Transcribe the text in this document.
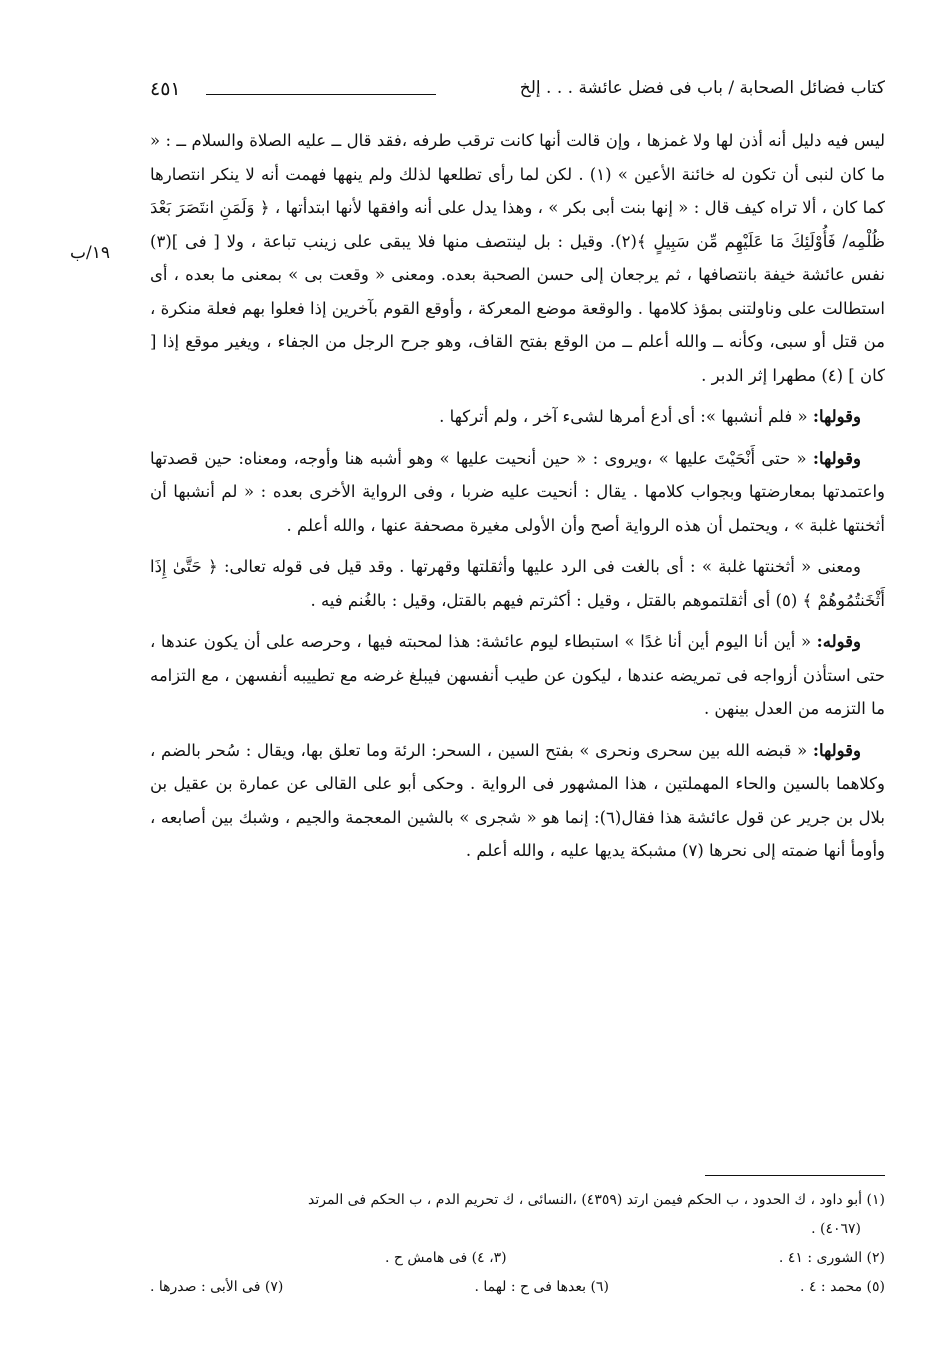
٤٥١	كتاب فضائل الصحابة / باب فى فضل عائشة . . . إلخ
١٩/ب

ليس فيه دليل أنه أذن لها ولا غمزها ، وإن قالت أنها كانت ترقب طرفه ،فقد قال ــ عليه الصلاة والسلام ــ : « ما كان لنبى أن تكون له خائنة الأعين » (١) . لكن لما رأى تطلعها لذلك ولم ينهها فهمت أنه لا ينكر انتصارها كما كان ، ألا تراه كيف قال : « إنها بنت أبى بكر » ، وهذا يدل على أنه وافقها لأنها ابتدأتها ، ﴿ وَلَمَنِ انتَصَرَ بَعْدَ ظُلْمِه/ فَأُوْلَئِكَ مَا عَلَيْهِم مِّن سَبِيلٍ ﴾(٢). وقيل : بل لينتصف منها فلا يبقى على زينب تباعة ، ولا [ فى ](٣) نفس عائشة خيفة بانتصافها ، ثم يرجعان إلى حسن الصحبة بعده. ومعنى « وقعت بى » بمعنى ما بعده ، أى استطالت على وناولتنى بمؤذ كلامها . والوقعة موضع المعركة ، وأوقع القوم بآخرين إذا فعلوا بهم فعلة منكرة ، من قتل أو سبى، وكأنه ــ والله أعلم ــ من الوقع بفتح القاف، وهو جرح الرجل من الجفاء ، ويغير موقع إذا [ كان ] (٤) مطهرا إثر الدبر .

وقولها: « فلم أنشبها »: أى أدع أمرها لشىء آخر ، ولم أتركها .

وقولها: « حتى أَنْحَيْتَ عليها » ،ويروى : « حين أنحيت عليها » وهو أشبه هنا وأوجه، ومعناه: حين قصدتها واعتمدتها بمعارضتها وبجواب كلامها . يقال : أنحيت عليه ضربا ، وفى الرواية الأخرى بعده : « لم أنشبها أن أثخنتها غلبة » ، ويحتمل أن هذه الرواية أصح وأن الأولى مغيرة مصحفة عنها ، والله أعلم .

ومعنى « أثخنتها غلبة » : أى بالغت فى الرد عليها وأثقلتها وقهرتها . وقد قيل فى قوله تعالى: ﴿ حَتَّىٰ إِذَا أَثْخَنتُمُوهُمْ ﴾ (٥) أى أثقلتموهم بالقتل ، وقيل : أكثرتم فيهم بالقتل، وقيل : بالغُنم فيه .

وقوله: « أين أنا اليوم أين أنا غدًا » استبطاء ليوم عائشة: هذا لمحبته فيها ، وحرصه على أن يكون عندها ، حتى استأذن أزواجه فى تمريضه عندها ، ليكون عن طيب أنفسهن فيبلغ غرضه مع تطييبه أنفسهن ، مع التزامه ما التزمه من العدل بينهن .

وقولها: « قبضه الله بين سحرى ونحرى » بفتح السين ، السحر: الرئة وما تعلق بها، ويقال : سُحر بالضم ، وكلاهما بالسين والحاء المهملتين ، هذا المشهور فى الرواية . وحكى أبو على القالى عن عمارة بن عقيل بن بلال بن جرير عن قول عائشة هذا فقال(٦): إنما هو « شجرى » بالشين المعجمة والجيم ، وشبك بين أصابعه ، وأومأ أنها ضمته إلى نحرها (٧) مشبكة يديها عليه ، والله أعلم .

(١) أبو داود ، ك الحدود ، ب الحكم فيمن ارتد (٤٣٥٩) ،النسائى ، ك تحريم الدم ، ب الحكم فى المرتد
(٤٠٦٧) .
(٢) الشورى : ٤١ .
(٣، ٤) فى هامش ح .
(٥) محمد : ٤ .
(٦) بعدها فى ح : لهما .
(٧) فى الأبى : صدرها .
